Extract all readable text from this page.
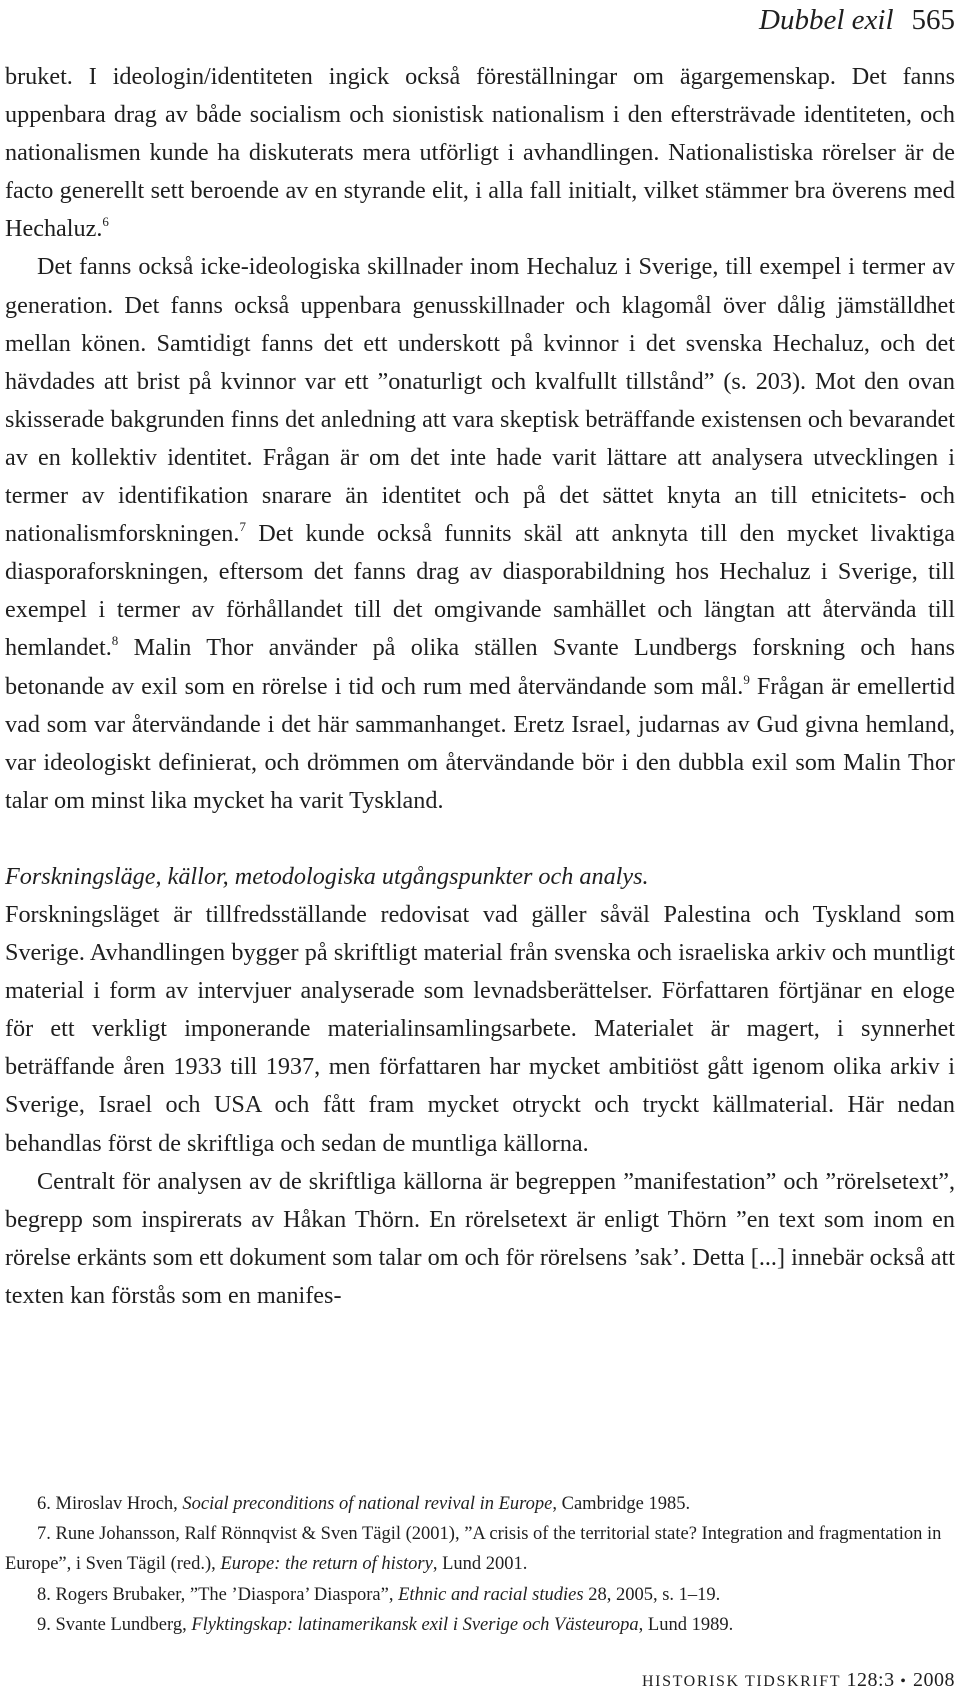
Dubbel exil 565

bruket. I ideologin/identiteten ingick också föreställningar om ägargemenskap. Det fanns uppenbara drag av både socialism och sionistisk nationalism i den eftersträvade identiteten, och nationalismen kunde ha diskuterats mera utförligt i avhandlingen. Nationalistiska rörelser är de facto generellt sett beroende av en styrande elit, i alla fall initialt, vilket stämmer bra överens med Hechaluz.$^6$

Det fanns också icke-ideologiska skillnader inom Hechaluz i Sverige, till exempel i termer av generation. Det fanns också uppenbara genusskillnader och klagomål över dålig jämställdhet mellan könen. Samtidigt fanns det ett underskott på kvinnor i det svenska Hechaluz, och det hävdades att brist på kvinnor var ett ”onaturligt och kvalfullt tillstånd” (s. 203). Mot den ovan skisserade bakgrunden finns det anledning att vara skeptisk beträffande existensen och bevarandet av en kollektiv identitet. Frågan är om det inte hade varit lättare att analysera utvecklingen i termer av identifikation snarare än identitet och på det sättet knyta an till etnicitets- och nationalismforskningen.$^7$ Det kunde också funnits skäl att anknyta till den mycket livaktiga diasporaforskningen, eftersom det fanns drag av diasporabildning hos Hechaluz i Sverige, till exempel i termer av förhållandet till det omgivande samhället och längtan att återvända till hemlandet.$^8$ Malin Thor använder på olika ställen Svante Lundbergs forskning och hans betonande av exil som en rörelse i tid och rum med återvändande som mål.$^9$ Frågan är emellertid vad som var återvändande i det här sammanhanget. Eretz Israel, judarnas av Gud givna hemland, var ideologiskt definierat, och drömmen om återvändande bör i den dubbla exil som Malin Thor talar om minst lika mycket ha varit Tyskland.

Forskningsläge, källor, metodologiska utgångspunkter och analys.

Forskningsläget är tillfredsställande redovisat vad gäller såväl Palestina och Tyskland som Sverige. Avhandlingen bygger på skriftligt material från svenska och israeliska arkiv och muntligt material i form av intervjuer analyserade som levnadsberättelser. Författaren förtjänar en eloge för ett verkligt imponerande materialinsamlingsarbete. Materialet är magert, i synnerhet beträffande åren 1933 till 1937, men författaren har mycket ambitiöst gått igenom olika arkiv i Sverige, Israel och USA och fått fram mycket otryckt och tryckt källmaterial. Här nedan behandlas först de skriftliga och sedan de muntliga källorna.

Centralt för analysen av de skriftliga källorna är begreppen ”manifestation” och ”rörelsetext”, begrepp som inspirerats av Håkan Thörn. En rörelsetext är enligt Thörn ”en text som inom en rörelse erkänts som ett dokument som talar om och för rörelsens ’sak’. Detta [...] innebär också att texten kan förstås som en manifes-

6. Miroslav Hroch, Social preconditions of national revival in Europe, Cambridge 1985.

7. Rune Johansson, Ralf Rönnqvist & Sven Tägil (2001), ”A crisis of the territorial state? Integration and fragmentation in Europe”, i Sven Tägil (red.), Europe: the return of history, Lund 2001.

8. Rogers Brubaker, ”The ’Diaspora’ Diaspora”, Ethnic and racial studies 28, 2005, s. 1–19.

9. Svante Lundberg, Flyktingskap: latinamerikansk exil i Sverige och Västeuropa, Lund 1989.

HISTORISK TIDSKRIFT 128:3 • 2008
